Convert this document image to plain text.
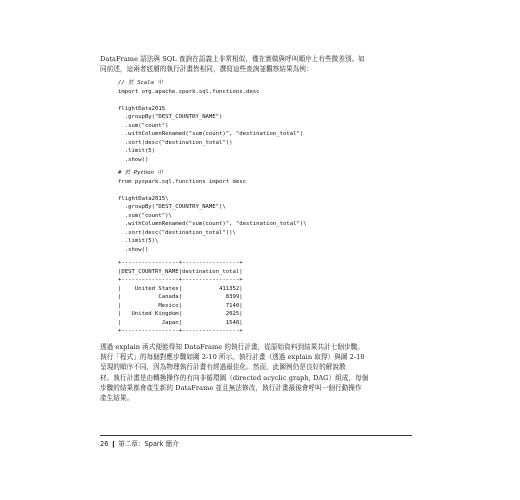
DataFrame 語法與 SQL 查詢在語義上非常相似，僅在實做與呼叫順序上有些微差別。如
同前述，這兩者底層的執行計畫皆相同，撰寫這些查詢並觀察結果為例：

// 於 Scala 中
import org.apache.spark.sql.functions.desc
flightData2015
.groupBy("DEST_COUNTRY_NAME")
.sum("count")
.withColumnRenamed("sum(count)", "destination_total")
.sort(desc("destination_total"))
.limit(5)
.show()
# 於 Python 中
from pyspark.sql.functions import desc
flightData2015\
.groupBy("DEST_COUNTRY_NAME")\
.sum("count")\
.withColumnRenamed("sum(count)", "destination_total")\
.sort(desc("destination_total"))\
.limit(5)\
.show()
+-----------------+-----------------+
|DEST_COUNTRY_NAME|destination_total|
+-----------------+-----------------+
|    United States|           411352|
|           Canada|             8399|
|           Mexico|             7140|
|   United Kingdom|             2025|
|            Japan|             1548|
+-----------------+-----------------+

透過 explain 函式便能得知 DataFrame 的執行計畫，從原始資料到結果共計七個步驟。
執行「程式」的每個對應步驟如圖 2-10 所示。執行計畫（透過 explain 取得）與圖 2-10
呈現的順序不同，因為物理執行計畫有經過最佳化。然而，此圖例仍是良好的解說教
材。執行計畫是由轉換操作的有向非循環圖（directed acyclic graph, DAG）組成，每個
步驟的結果都會產生新的 DataFrame 並且無法修改，執行計畫最後會呼叫一個行動操作
產生結果。

26 ❙ 第二章：Spark 簡介
